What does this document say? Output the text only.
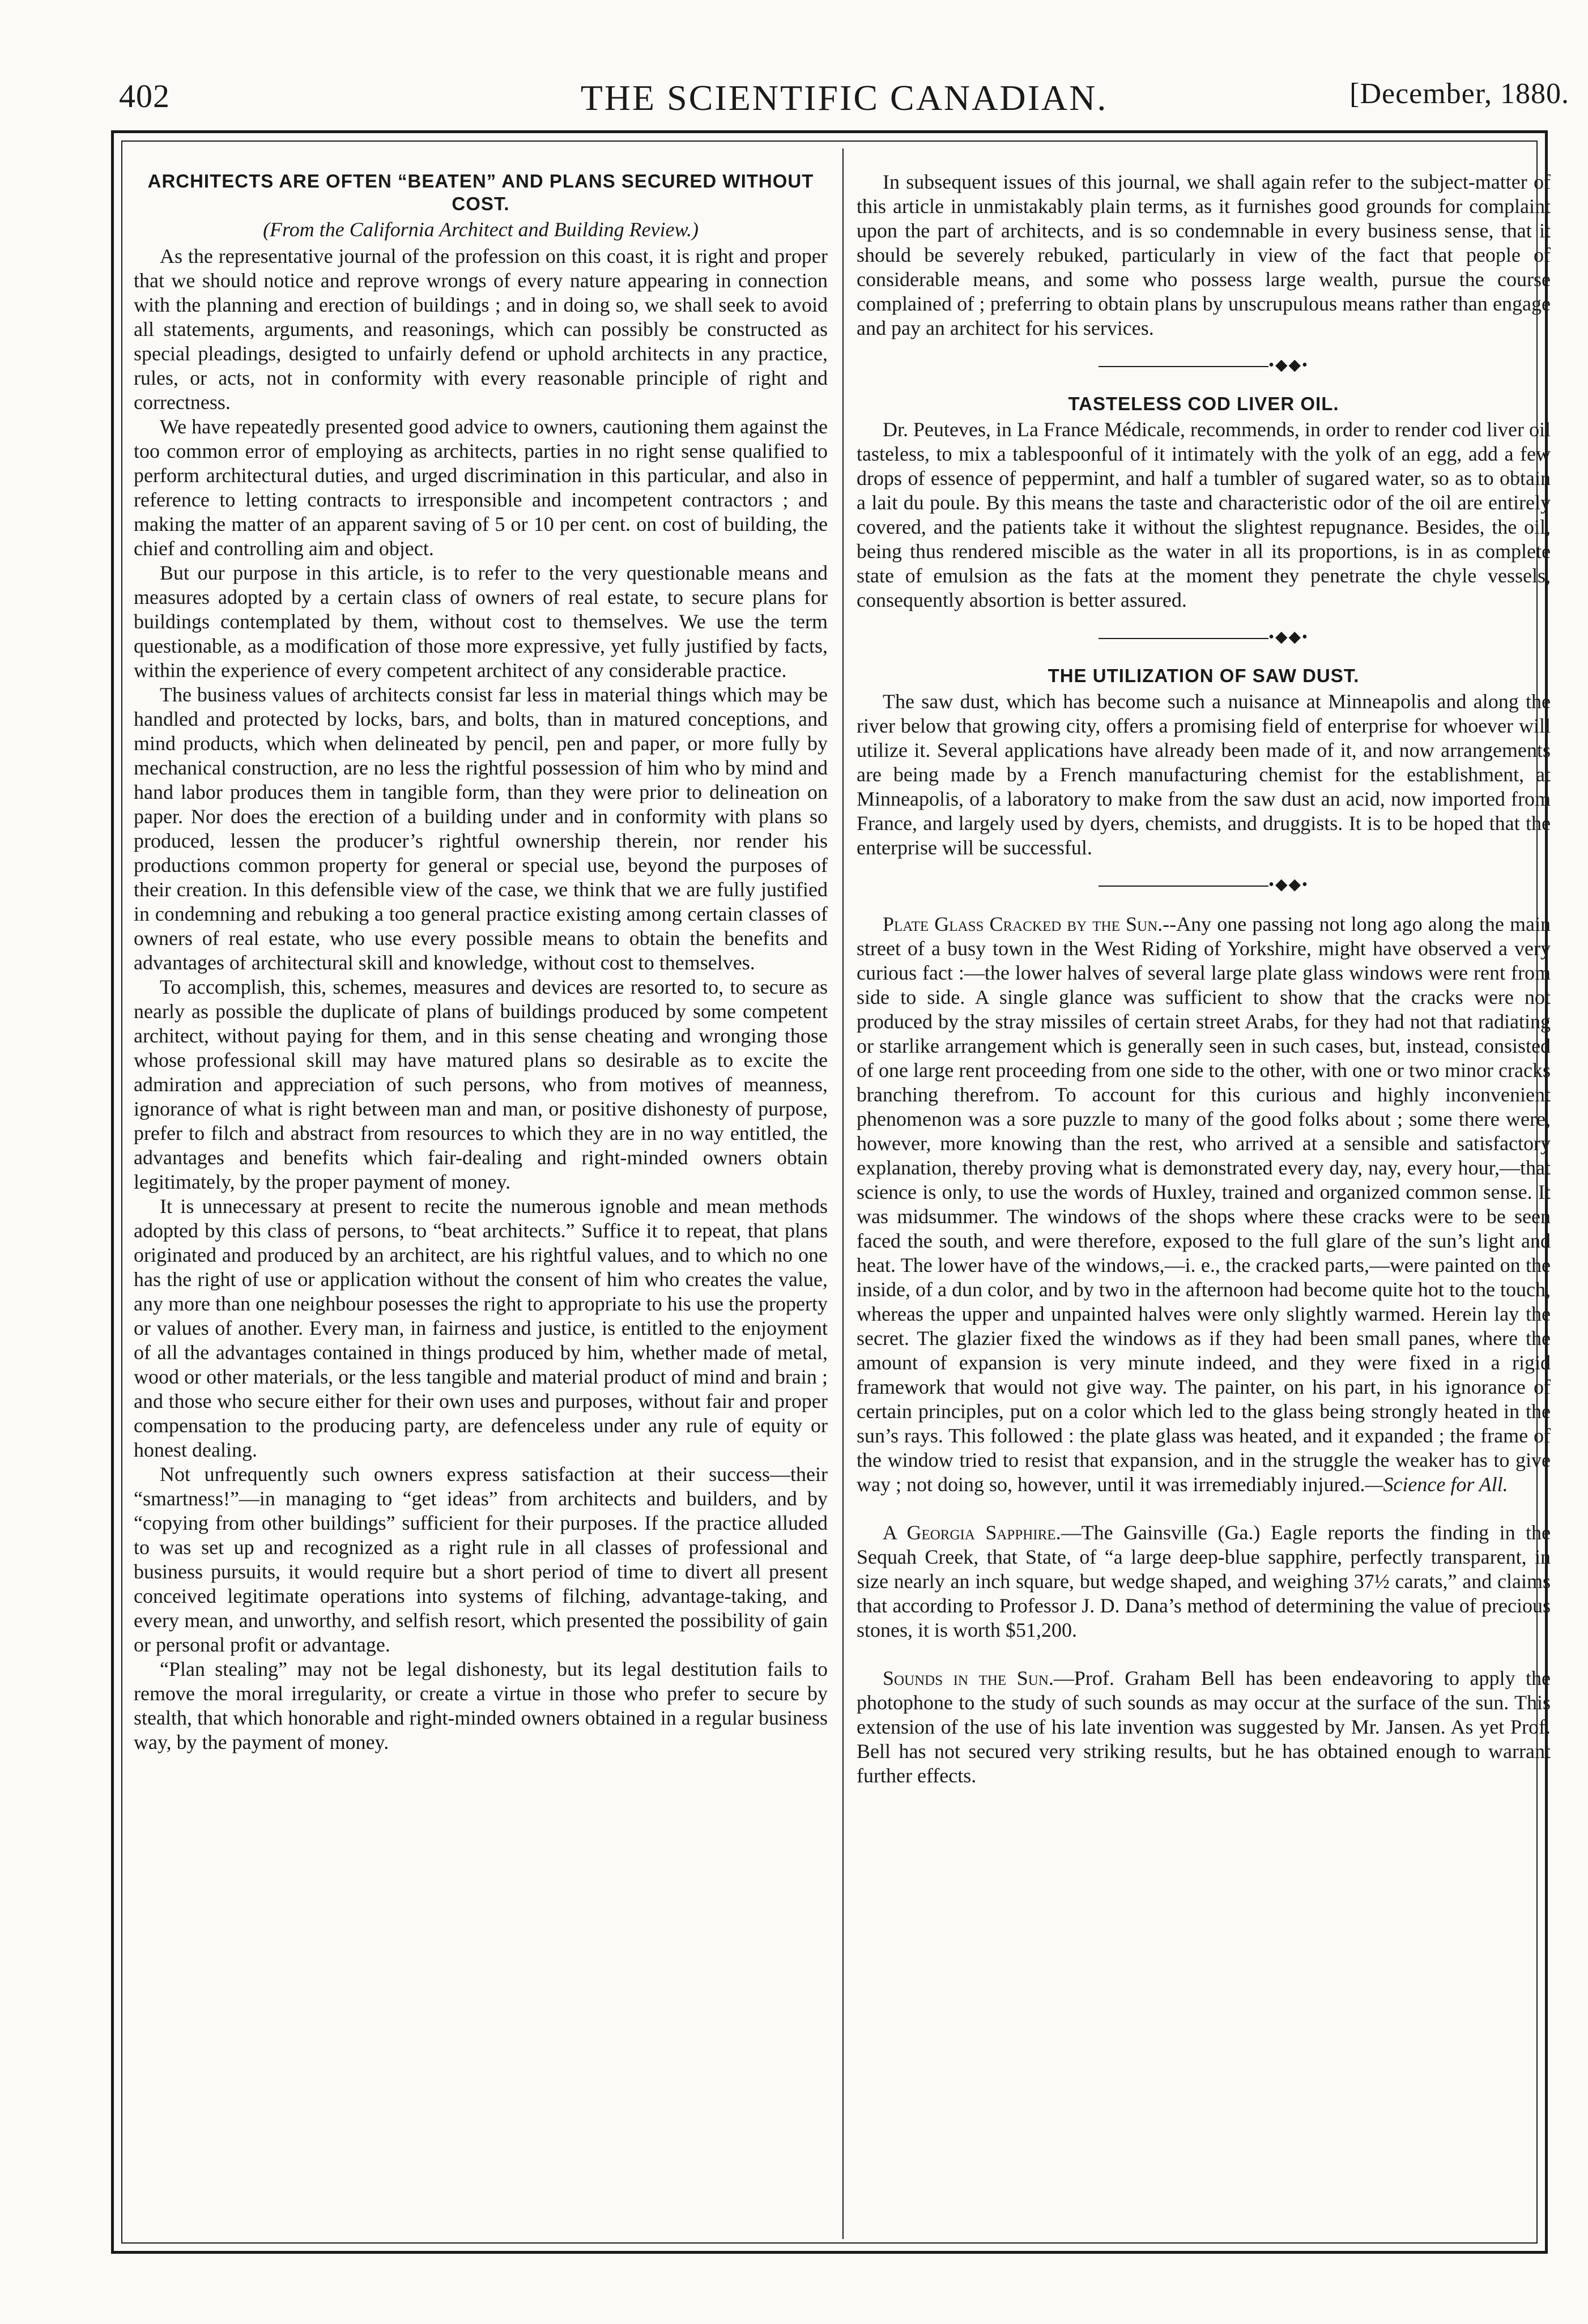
402	THE SCIENTIFIC CANADIAN.	[December, 1880.
ARCHITECTS ARE OFTEN “BEATEN” AND PLANS SECURED WITHOUT COST.
(From the California Architect and Building Review.)

As the representative journal of the profession on this coast, it is right and proper that we should notice and reprove wrongs of every nature appearing in connection with the planning and erection of buildings ; and in doing so, we shall seek to avoid all statements, arguments, and reasonings, which can possibly be constructed as special pleadings, desigted to unfairly defend or uphold architects in any practice, rules, or acts, not in conformity with every reasonable principle of right and correctness.

We have repeatedly presented good advice to owners, cautioning them against the too common error of employing as architects, parties in no right sense qualified to perform architectural duties, and urged discrimination in this particular, and also in reference to letting contracts to irresponsible and incompetent contractors ; and making the matter of an apparent saving of 5 or 10 per cent. on cost of building, the chief and controlling aim and object.

But our purpose in this article, is to refer to the very questionable means and measures adopted by a certain class of owners of real estate, to secure plans for buildings contemplated by them, without cost to themselves. We use the term questionable, as a modification of those more expressive, yet fully justified by facts, within the experience of every competent architect of any considerable practice.

The business values of architects consist far less in material things which may be handled and protected by locks, bars, and bolts, than in matured conceptions, and mind products, which when delineated by pencil, pen and paper, or more fully by mechanical construction, are no less the rightful possession of him who by mind and hand labor produces them in tangible form, than they were prior to delineation on paper. Nor does the erection of a building under and in conformity with plans so produced, lessen the producer’s rightful ownership therein, nor render his productions common property for general or special use, beyond the purposes of their creation. In this defensible view of the case, we think that we are fully justified in condemning and rebuking a too general practice existing among certain classes of owners of real estate, who use every possible means to obtain the benefits and advantages of architectural skill and knowledge, without cost to themselves.

To accomplish, this, schemes, measures and devices are resorted to, to secure as nearly as possible the duplicate of plans of buildings produced by some competent architect, without paying for them, and in this sense cheating and wronging those whose professional skill may have matured plans so desirable as to excite the admiration and appreciation of such persons, who from motives of meanness, ignorance of what is right between man and man, or positive dishonesty of purpose, prefer to filch and abstract from resources to which they are in no way entitled, the advantages and benefits which fair-dealing and right-minded owners obtain legitimately, by the proper payment of money.

It is unnecessary at present to recite the numerous ignoble and mean methods adopted by this class of persons, to “beat architects.” Suffice it to repeat, that plans originated and produced by an architect, are his rightful values, and to which no one has the right of use or application without the consent of him who creates the value, any more than one neighbour posesses the right to appropriate to his use the property or values of another. Every man, in fairness and justice, is entitled to the enjoyment of all the advantages contained in things produced by him, whether made of metal, wood or other materials, or the less tangible and material product of mind and brain ; and those who secure either for their own uses and purposes, without fair and proper compensation to the producing party, are defenceless under any rule of equity or honest dealing.

Not unfrequently such owners express satisfaction at their success—their “smartness!”—in managing to “get ideas” from architects and builders, and by “copying from other buildings” sufficient for their purposes. If the practice alluded to was set up and recognized as a right rule in all classes of professional and business pursuits, it would require but a short period of time to divert all present conceived legitimate operations into systems of filching, advantage-taking, and every mean, and unworthy, and selfish resort, which presented the possibility of gain or personal profit or advantage.

“Plan stealing” may not be legal dishonesty, but its legal destitution fails to remove the moral irregularity, or create a virtue in those who prefer to secure by stealth, that which honorable and right-minded owners obtained in a regular business way, by the payment of money.

In subsequent issues of this journal, we shall again refer to the subject-matter of this article in unmistakably plain terms, as it furnishes good grounds for complaint upon the part of architects, and is so condemnable in every business sense, that it should be severely rebuked, particularly in view of the fact that people of considerable means, and some who possess large wealth, pursue the course complained of ; preferring to obtain plans by unscrupulous means rather than engage and pay an architect for his services.

•◆◆•
TASTELESS COD LIVER OIL.

Dr. Peuteves, in La France Médicale, recommends, in order to render cod liver oil tasteless, to mix a tablespoonful of it intimately with the yolk of an egg, add a few drops of essence of peppermint, and half a tumbler of sugared water, so as to obtain a lait du poule. By this means the taste and characteristic odor of the oil are entirely covered, and the patients take it without the slightest repugnance. Besides, the oil, being thus rendered miscible as the water in all its proportions, is in as complete state of emulsion as the fats at the moment they penetrate the chyle vessels, consequently absortion is better assured.

•◆◆•
THE UTILIZATION OF SAW DUST.

The saw dust, which has become such a nuisance at Minneapolis and along the river below that growing city, offers a promising field of enterprise for whoever will utilize it. Several applications have already been made of it, and now arrangements are being made by a French manufacturing chemist for the establishment, at Minneapolis, of a laboratory to make from the saw dust an acid, now imported from France, and largely used by dyers, chemists, and druggists. It is to be hoped that the enterprise will be successful.

•◆◆•

Plate Glass Cracked by the Sun.--Any one passing not long ago along the main street of a busy town in the West Riding of Yorkshire, might have observed a very curious fact :—the lower halves of several large plate glass windows were rent from side to side. A single glance was sufficient to show that the cracks were not produced by the stray missiles of certain street Arabs, for they had not that radiating or starlike arrangement which is generally seen in such cases, but, instead, consisted of one large rent proceeding from one side to the other, with one or two minor cracks branching therefrom. To account for this curious and highly inconvenient phenomenon was a sore puzzle to many of the good folks about ; some there were, however, more knowing than the rest, who arrived at a sensible and satisfactory explanation, thereby proving what is demonstrated every day, nay, every hour,—that science is only, to use the words of Huxley, trained and organized common sense. It was midsummer. The windows of the shops where these cracks were to be seen faced the south, and were therefore, exposed to the full glare of the sun’s light and heat. The lower have of the windows,—i. e., the cracked parts,—were painted on the inside, of a dun color, and by two in the afternoon had become quite hot to the touch, whereas the upper and unpainted halves were only slightly warmed. Herein lay the secret. The glazier fixed the windows as if they had been small panes, where the amount of expansion is very minute indeed, and they were fixed in a rigid framework that would not give way. The painter, on his part, in his ignorance of certain principles, put on a color which led to the glass being strongly heated in the sun’s rays. This followed : the plate glass was heated, and it expanded ; the frame of the window tried to resist that expansion, and in the struggle the weaker has to give way ; not doing so, however, until it was irremediably injured.—Science for All.

A Georgia Sapphire.—The Gainsville (Ga.) Eagle reports the finding in the Sequah Creek, that State, of “a large deep-blue sapphire, perfectly transparent, in size nearly an inch square, but wedge shaped, and weighing 37½ carats,” and claims that according to Professor J. D. Dana’s method of determining the value of precious stones, it is worth $51,200.

Sounds in the Sun.—Prof. Graham Bell has been endeavoring to apply the photophone to the study of such sounds as may occur at the surface of the sun. This extension of the use of his late invention was suggested by Mr. Jansen. As yet Prof. Bell has not secured very striking results, but he has obtained enough to warrant further effects.
